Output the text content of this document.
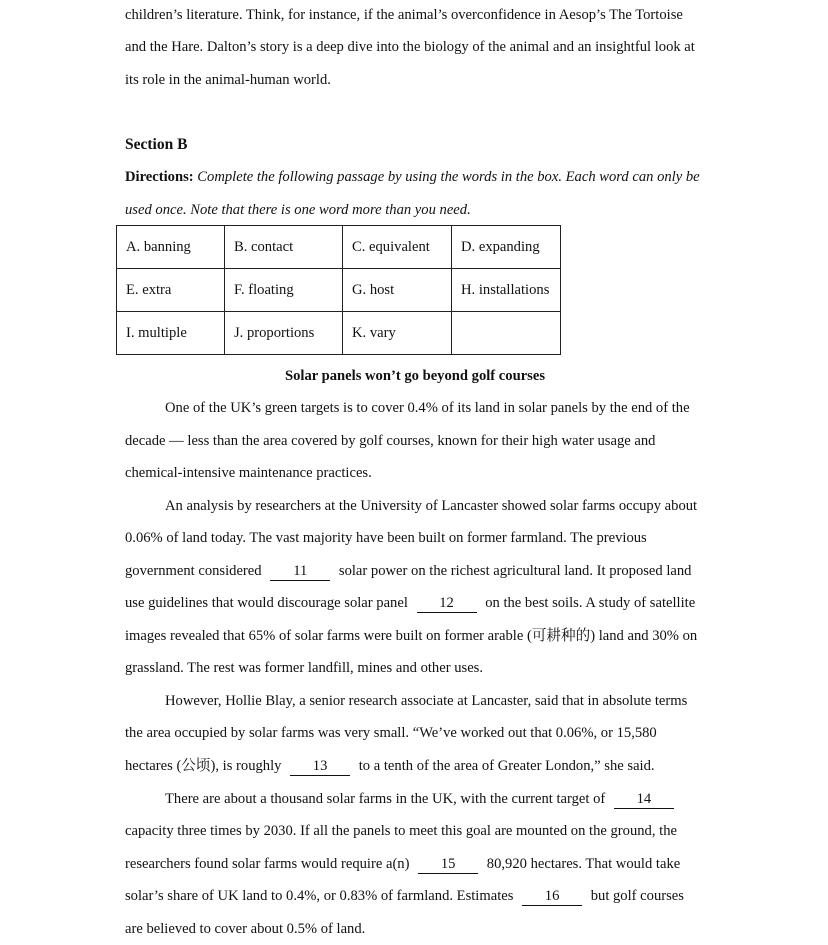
children’s literature. Think, for instance, if the animal’s overconfidence in Aesop’s The Tortoise
and the Hare. Dalton’s story is a deep dive into the biology of the animal and an insightful look at
its role in the animal-human world.
Section B
Directions: Complete the following passage by using the words in the box. Each word can only be
used once. Note that there is one word more than you need.
Solar panels won’t go beyond golf courses
One of the UK’s green targets is to cover 0.4% of its land in solar panels by the end of the
decade — less than the area covered by golf courses, known for their high water usage and
chemical-intensive maintenance practices.
An analysis by researchers at the University of Lancaster showed solar farms occupy about
0.06% of land today. The vast majority have been built on former farmland. The previous
government considered 11 solar power on the richest agricultural land. It proposed land
use guidelines that would discourage solar panel 12 on the best soils. A study of satellite
images revealed that 65% of solar farms were built on former arable (可耕种的) land and 30% on
grassland. The rest was former landfill, mines and other uses.
However, Hollie Blay, a senior research associate at Lancaster, said that in absolute terms
the area occupied by solar farms was very small. “We’ve worked out that 0.06%, or 15,580
hectares (公顷), is roughly 13 to a tenth of the area of Greater London,” she said.
There are about a thousand solar farms in the UK, with the current target of 14
capacity three times by 2030. If all the panels to meet this goal are mounted on the ground, the
researchers found solar farms would require a(n) 15 80,920 hectares. That would take
solar’s share of UK land to 0.4%, or 0.83% of farmland. Estimates 16 but golf courses
are believed to cover about 0.5% of land.
A. banning	B. contact	C. equivalent	D. expanding
E. extra	F. floating	G. host	H. installations
I. multiple	J. proportions	K. vary	
